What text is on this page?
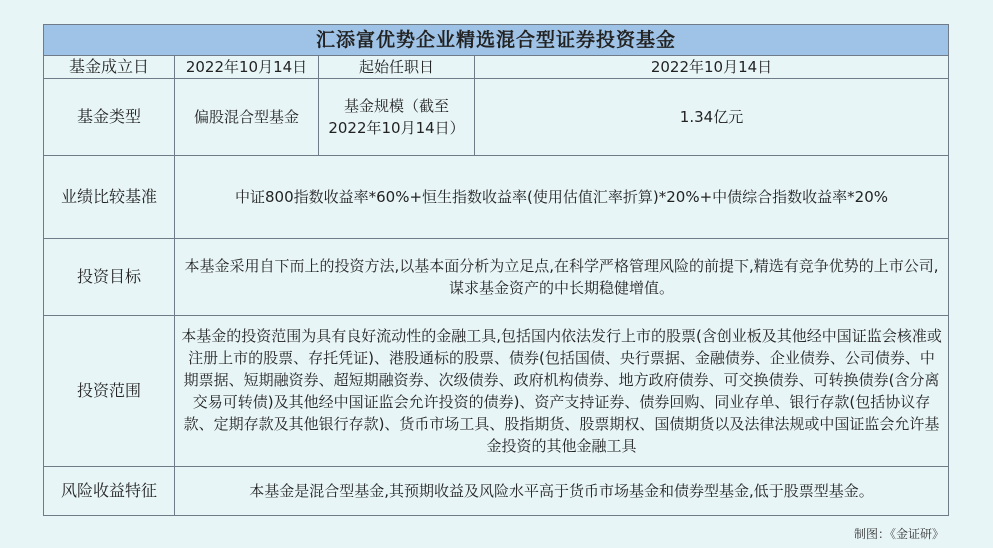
汇添富优势企业精选混合型证券投资基金			
基金成立日	2022年10月14日	起始任职日	2022年10月14日
基金类型	偏股混合型基金	基金规模（截至2022年10月14日）	1.34亿元
业绩比较基准	中证800指数收益率*60%+恒生指数收益率(使用估值汇率折算)*20%+中债综合指数收益率*20%		
投资目标	本基金采用自下而上的投资方法,以基本面分析为立足点,在科学严格管理风险的前提下,精选有竞争优势的上市公司,谋求基金资产的中长期稳健增值。		
投资范围	本基金的投资范围为具有良好流动性的金融工具,包括国内依法发行上市的股票(含创业板及其他经中国证监会核准或注册上市的股票、存托凭证)、港股通标的股票、债券(包括国债、央行票据、金融债券、企业债券、公司债券、中期票据、短期融资券、超短期融资券、次级债券、政府机构债券、地方政府债券、可交换债券、可转换债券(含分离交易可转债)及其他经中国证监会允许投资的债券)、资产支持证券、债券回购、同业存单、银行存款(包括协议存款、定期存款及其他银行存款)、货币市场工具、股指期货、股票期权、国债期货以及法律法规或中国证监会允许基金投资的其他金融工具		
风险收益特征	本基金是混合型基金,其预期收益及风险水平高于货币市场基金和债券型基金,低于股票型基金。		
制图：《金证研》
